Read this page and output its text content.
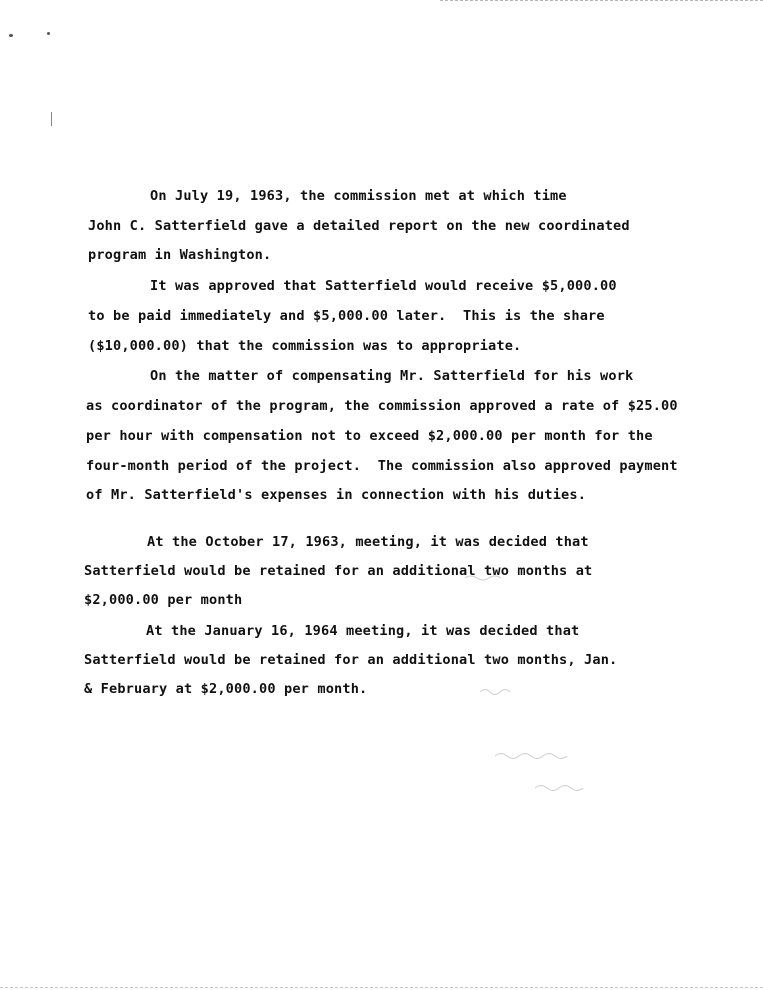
On July 19, 1963, the commission met at which time
John C. Satterfield gave a detailed report on the new coordinated
program in Washington.
It was approved that Satterfield would receive $5,000.00
to be paid immediately and $5,000.00 later.  This is the share
($10,000.00) that the commission was to appropriate.
On the matter of compensating Mr. Satterfield for his work
as coordinator of the program, the commission approved a rate of $25.00
per hour with compensation not to exceed $2,000.00 per month for the
four-month period of the project.  The commission also approved payment
of Mr. Satterfield's expenses in connection with his duties.
At the October 17, 1963, meeting, it was decided that
Satterfield would be retained for an additional two months at
$2,000.00 per month
At the January 16, 1964 meeting, it was decided that
Satterfield would be retained for an additional two months, Jan.
& February at $2,000.00 per month.
